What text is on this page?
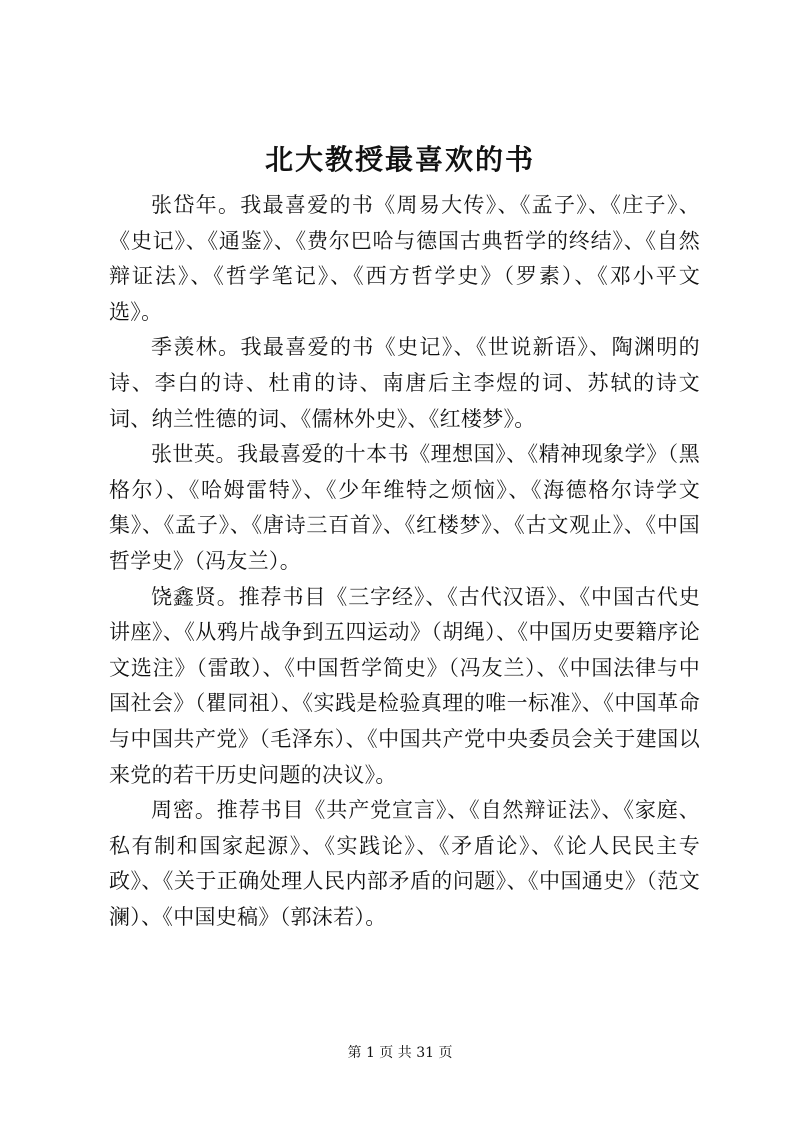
北大教授最喜欢的书

张岱年。我最喜爱的书《周易大传》、《孟子》、《庄子》、《史记》、《通鉴》、《费尔巴哈与德国古典哲学的终结》、《自然辩证法》、《哲学笔记》、《西方哲学史》（罗素）、《邓小平文选》。

季羡林。我最喜爱的书《史记》、《世说新语》、陶渊明的诗、李白的诗、杜甫的诗、南唐后主李煜的词、苏轼的诗文词、纳兰性德的词、《儒林外史》、《红楼梦》。

张世英。我最喜爱的十本书《理想国》、《精神现象学》（黑格尔）、《哈姆雷特》、《少年维特之烦恼》、《海德格尔诗学文集》、《孟子》、《唐诗三百首》、《红楼梦》、《古文观止》、《中国哲学史》（冯友兰）。

饶鑫贤。推荐书目《三字经》、《古代汉语》、《中国古代史讲座》、《从鸦片战争到五四运动》（胡绳）、《中国历史要籍序论文选注》（雷敢）、《中国哲学简史》（冯友兰）、《中国法律与中国社会》（瞿同祖）、《实践是检验真理的唯一标准》、《中国革命与中国共产党》（毛泽东）、《中国共产党中央委员会关于建国以来党的若干历史问题的决议》。

周密。推荐书目《共产党宣言》、《自然辩证法》、《家庭、私有制和国家起源》、《实践论》、《矛盾论》、《论人民民主专政》、《关于正确处理人民内部矛盾的问题》、《中国通史》（范文澜）、《中国史稿》（郭沫若）。

第 1 页 共 31 页
